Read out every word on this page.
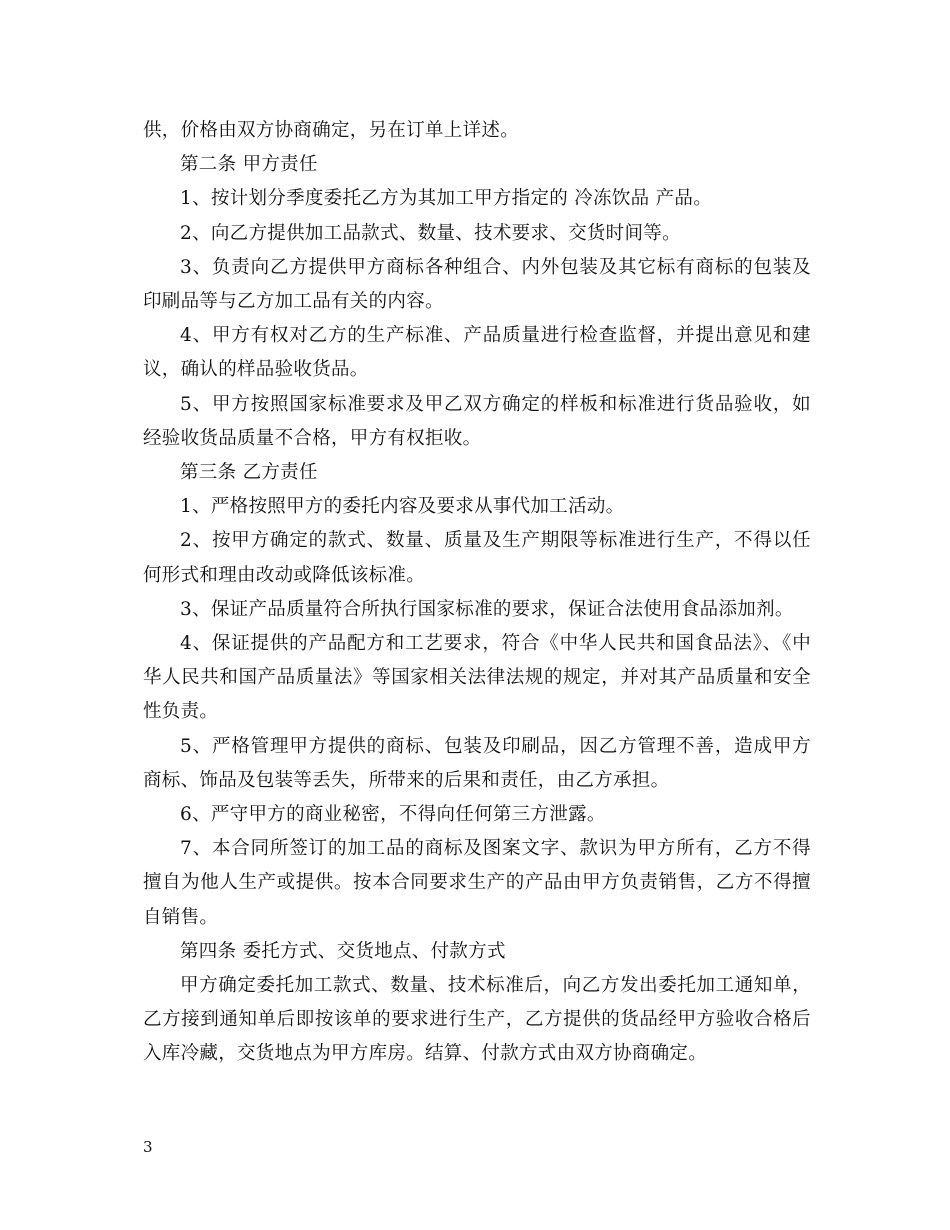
供，价格由双方协商确定，另在订单上详述。

第二条 甲方责任

1、按计划分季度委托乙方为其加工甲方指定的 冷冻饮品 产品。

2、向乙方提供加工品款式、数量、技术要求、交货时间等。

3、负责向乙方提供甲方商标各种组合、内外包装及其它标有商标的包装及印刷品等与乙方加工品有关的内容。

4、甲方有权对乙方的生产标准、产品质量进行检查监督，并提出意见和建议，确认的样品验收货品。

5、甲方按照国家标准要求及甲乙双方确定的样板和标准进行货品验收，如经验收货品质量不合格，甲方有权拒收。

第三条 乙方责任

1、严格按照甲方的委托内容及要求从事代加工活动。

2、按甲方确定的款式、数量、质量及生产期限等标准进行生产，不得以任何形式和理由改动或降低该标准。

3、保证产品质量符合所执行国家标准的要求，保证合法使用食品添加剂。

4、保证提供的产品配方和工艺要求，符合《中华人民共和国食品法》、《中华人民共和国产品质量法》等国家相关法律法规的规定，并对其产品质量和安全性负责。

5、严格管理甲方提供的商标、包装及印刷品，因乙方管理不善，造成甲方商标、饰品及包装等丢失，所带来的后果和责任，由乙方承担。

6、严守甲方的商业秘密，不得向任何第三方泄露。

7、本合同所签订的加工品的商标及图案文字、款识为甲方所有，乙方不得擅自为他人生产或提供。按本合同要求生产的产品由甲方负责销售，乙方不得擅自销售。

第四条 委托方式、交货地点、付款方式

甲方确定委托加工款式、数量、技术标准后，向乙方发出委托加工通知单，乙方接到通知单后即按该单的要求进行生产，乙方提供的货品经甲方验收合格后入库冷藏，交货地点为甲方库房。结算、付款方式由双方协商确定。

3
